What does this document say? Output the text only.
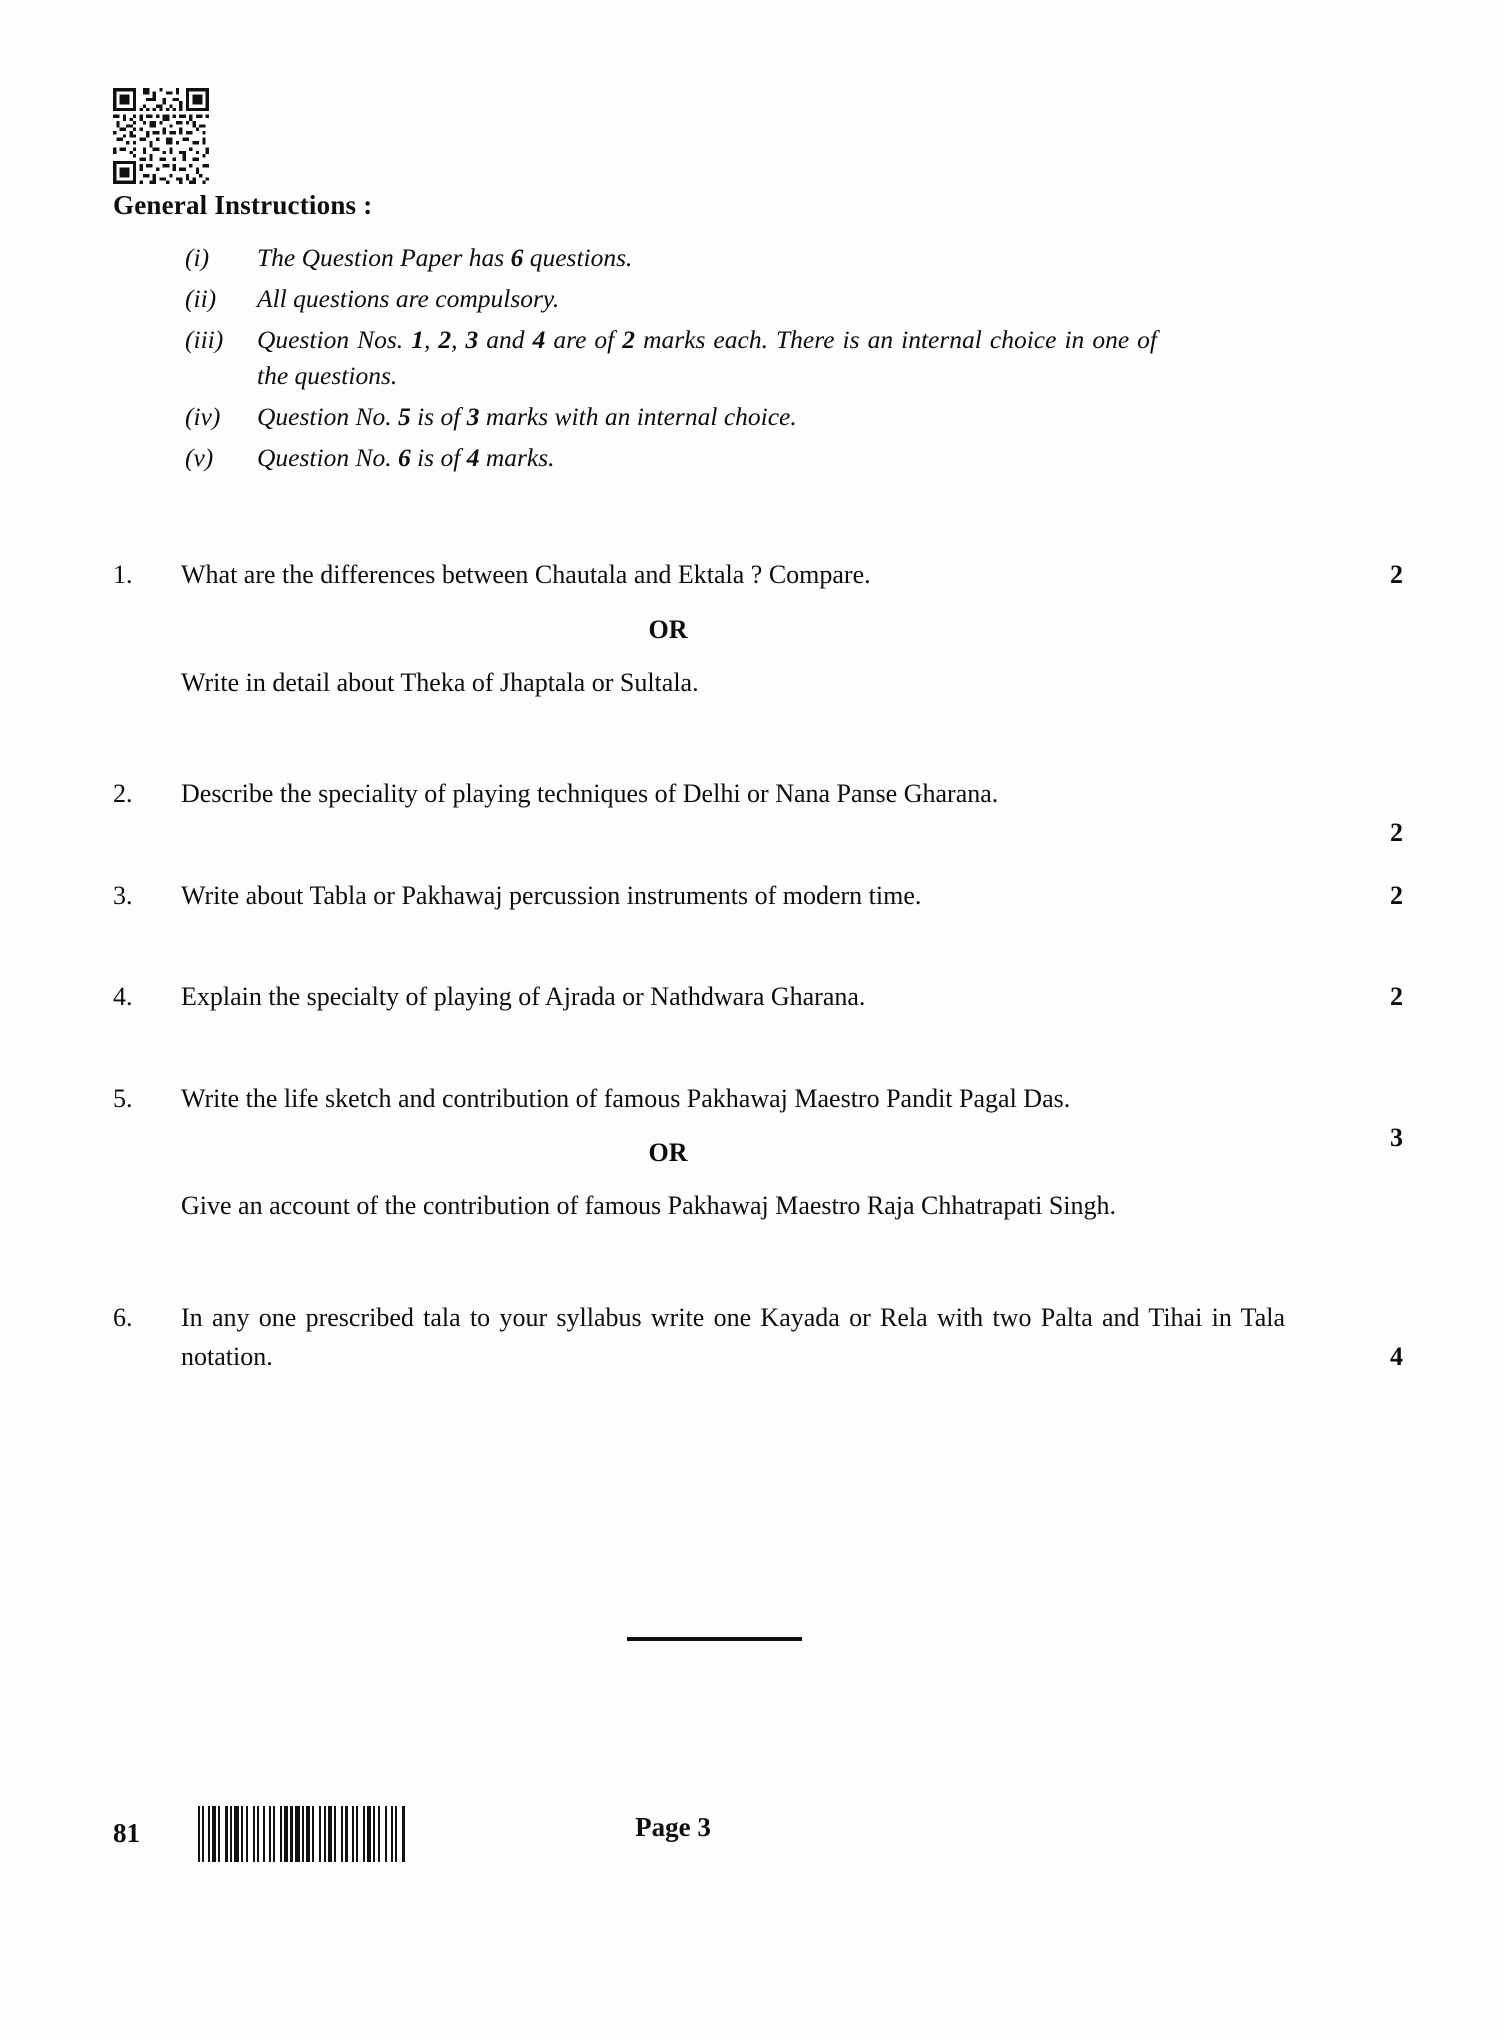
General Instructions :
(i)	The Question Paper has 6 questions.
(ii)	All questions are compulsory.
(iii)	Question Nos. 1, 2, 3 and 4 are of 2 marks each. There is an internal choice in one of the questions.
(iv)	Question No. 5 is of 3 marks with an internal choice.
(v)	Question No. 6 is of 4 marks.
1.	What are the differences between Chautala and Ektala ? Compare.	2
OR
Write in detail about Theka of Jhaptala or Sultala.
2.	Describe the speciality of playing techniques of Delhi or Nana Panse Gharana.
2
3.	Write about Tabla or Pakhawaj percussion instruments of modern time.	2
4.	Explain the specialty of playing of Ajrada or Nathdwara Gharana.	2
5.	Write the life sketch and contribution of famous Pakhawaj Maestro Pandit Pagal Das.
3
OR
Give an account of the contribution of famous Pakhawaj Maestro Raja Chhatrapati Singh.
6.	In any one prescribed tala to your syllabus write one Kayada or Rela with two Palta and Tihai in Tala notation.	4
81	Page 3
